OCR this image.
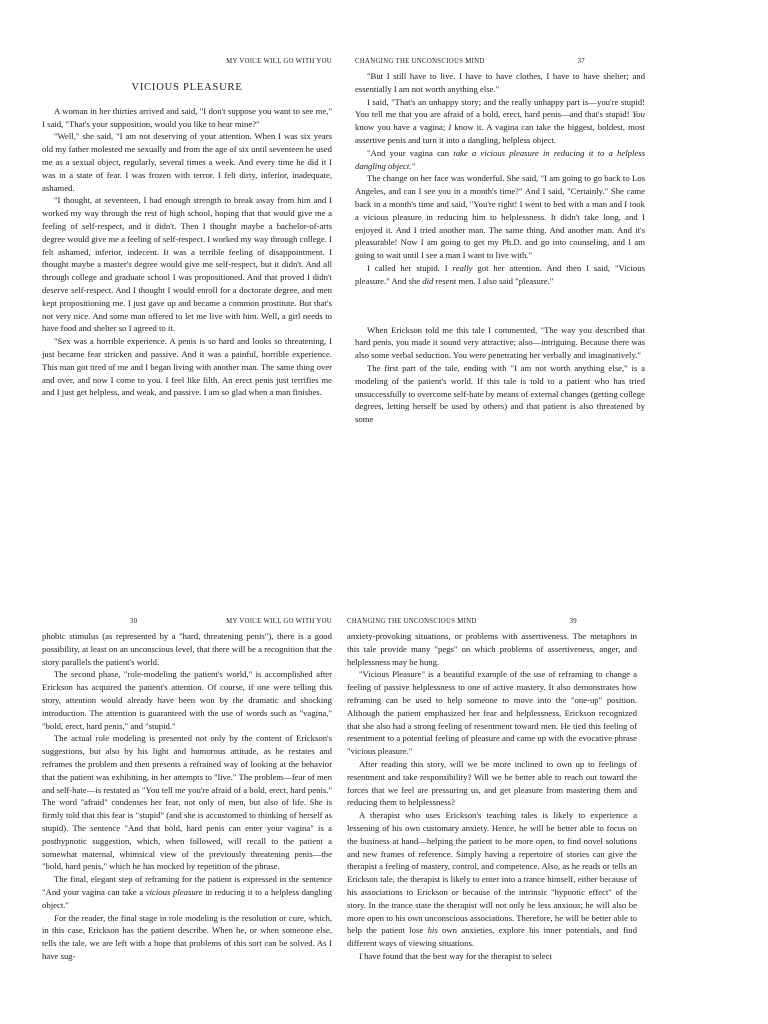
MY VOICE WILL GO WITH YOU
VICIOUS PLEASURE

A woman in her thirties arrived and said, "I don't suppose you want to see me," I said, "That's your supposition, would you like to hear mine?"

"Well," she said, "I am not deserving of your attention. When I was six years old my father molested me sexually and from the age of six until seventeen he used me as a sexual object, regularly, several times a week. And every time he did it I was in a state of fear. I was frozen with terror. I felt dirty, inferior, inadequate, ashamed.

"I thought, at seventeen, I had enough strength to break away from him and I worked my way through the rest of high school, hoping that that would give me a feeling of self-respect, and it didn't. Then I thought maybe a bachelor-of-arts degree would give me a feeling of self-respect. I worked my way through college. I felt ashamed, inferior, indecent. It was a terrible feeling of disappointment. I thought maybe a master's degree would give me self-respect, but it didn't. And all through college and graduate school I was propositioned. And that proved I didn't deserve self-respect. And I thought I would enroll for a doctorate degree, and men kept propositioning me. I just gave up and became a common prostitute. But that's not very nice. And some man offered to let me live with him. Well, a girl needs to have food and shelter so I agreed to it.

"Sex was a horrible experience. A penis is so hard and looks so threatening, I just became fear stricken and passive. And it was a painful, horrible experience. This man got tired of me and I began living with another man. The same thing over and over, and now I come to you. I feel like filth. An erect penis just terrifies me and I just get helpless, and weak, and passive. I am so glad when a man finishes.

CHANGING THE UNCONSCIOUS MIND	37

"But I still have to live. I have to have clothes, I have to have shelter; and essentially I am not worth anything else."

I said, "That's an unhappy story; and the really unhappy part is—you're stupid! You tell me that you are afraid of a bold, erect, hard penis—and that's stupid! You know you have a vagina; I know it. A vagina can take the biggest, boldest, most assertive penis and turn it into a dangling, helpless object.

"And your vagina can take a vicious pleasure in reducing it to a helpless dangling object."

The change on her face was wonderful. She said, "I am going to go back to Los Angeles, and can I see you in a month's time?" And I said, "Certainly." She came back in a month's time and said, "You're right! I went to bed with a man and I took a vicious pleasure in reducing him to helplessness. It didn't take long, and I enjoyed it. And I tried another man. The same thing. And another man. And it's pleasurable! Now I am going to get my Ph.D. and go into counseling, and I am going to wait until I see a man I want to live with."

I called her stupid. I really got her attention. And then I said, "Vicious pleasure." And she did resent men. I also said "pleasure."

When Erickson told me this tale I commented, "The way you described that hard penis, you made it sound very attractive; also—intriguing. Because there was also some verbal seduction. You were penetrating her verbally and imaginatively."

The first part of the tale, ending with "I am not worth anything else," is a modeling of the patient's world. If this tale is told to a patient who has tried unsuccessfully to overcome self-hate by means of external changes (getting college degrees, letting herself be used by others) and that patient is also threatened by some

30	MY VOICE WILL GO WITH YOU

phobic stimulus (as represented by a "hard, threatening penis"), there is a good possibility, at least on an unconscious level, that there will be a recognition that the story parallels the patient's world.

The second phase, "role-modeling the patient's world," is accomplished after Erickson has acquired the patient's attention. Of course, if one were telling this story, attention would already have been won by the dramatic and shocking introduction. The attention is guaranteed with the use of words such as "vagina," "bold, erect, hard penis," and "stupid."

The actual role modeling is presented not only by the content of Erickson's suggestions, but also by his light and humorous attitude, as he restates and reframes the problem and then presents a refrained way of looking at the behavior that the patient was exhibiting, in her attempts to "live." The problem—fear of men and self-hate—is restated as "You tell me you're afraid of a bold, erect, hard penis." The word "afraid" condenses her fear, not only of men, but also of life. She is firmly told that this fear is "stupid" (and she is accustomed to thinking of herself as stupid). The sentence "And that bold, hard penis can enter your vagina" is a posthypnotic suggestion, which, when followed, will recall to the patient a somewhat maternal, whimsical view of the previously threatening penis—the "bold, hard penis," which he has mocked by repetition of the phrase.

The final, elegant step of reframing for the patient is expressed in the sentence "And your vagina can take a vicious pleasure in reducing it to a helpless dangling object."

For the reader, the final stage in role modeling is the resolution or cure, which, in this case, Erickson has the patient describe. When he, or when someone else, tells the tale, we are left with a hope that problems of this sort can be solved. As I have sug-

CHANGING THE UNCONSCIOUS MIND	39

anxiety-provoking situations, or problems with assertiveness. The metaphors in this tale provide many "pegs" on which problems of assertiveness, anger, and helplessness may be hung.

"Vicious Pleasure" is a beautiful example of the use of reframing to change a feeling of passive helplessness to one of active mastery. It also demonstrates how reframing can be used to help someone to move into the "one-up" position. Although the patient emphasized her fear and helplessness, Erickson recognized that she also had a strong feeling of resentment toward men. He tied this feeling of resentment to a potential feeling of pleasure and came up with the evocative phrase "vicious pleasure."

After reading this story, will we be more inclined to own up to feelings of resentment and take responsibility? Will we be better able to reach out toward the forces that we feel are pressuring us, and get pleasure from mastering them and reducing them to helplessness?

A therapist who uses Erickson's teaching tales is likely to experience a lessening of his own customary anxiety. Hence, he will be better able to focus on the business at hand—helping the patient to be more open, to find novel solutions and new frames of reference. Simply having a repertoire of stories can give the therapist a feeling of mastery, control, and competence. Also, as he reads or tells an Erickson tale, the therapist is likely to enter into a trance himself, either because of his associations to Erickson or because of the intrinsic "hypnotic effect" of the story. In the trance state the therapist will not only be less anxious; he will also be more open to his own unconscious associations. Therefore, he will be better able to help the patient lose his own anxieties, explore his inner potentials, and find different ways of viewing situations.

I have found that the best way for the therapist to select
